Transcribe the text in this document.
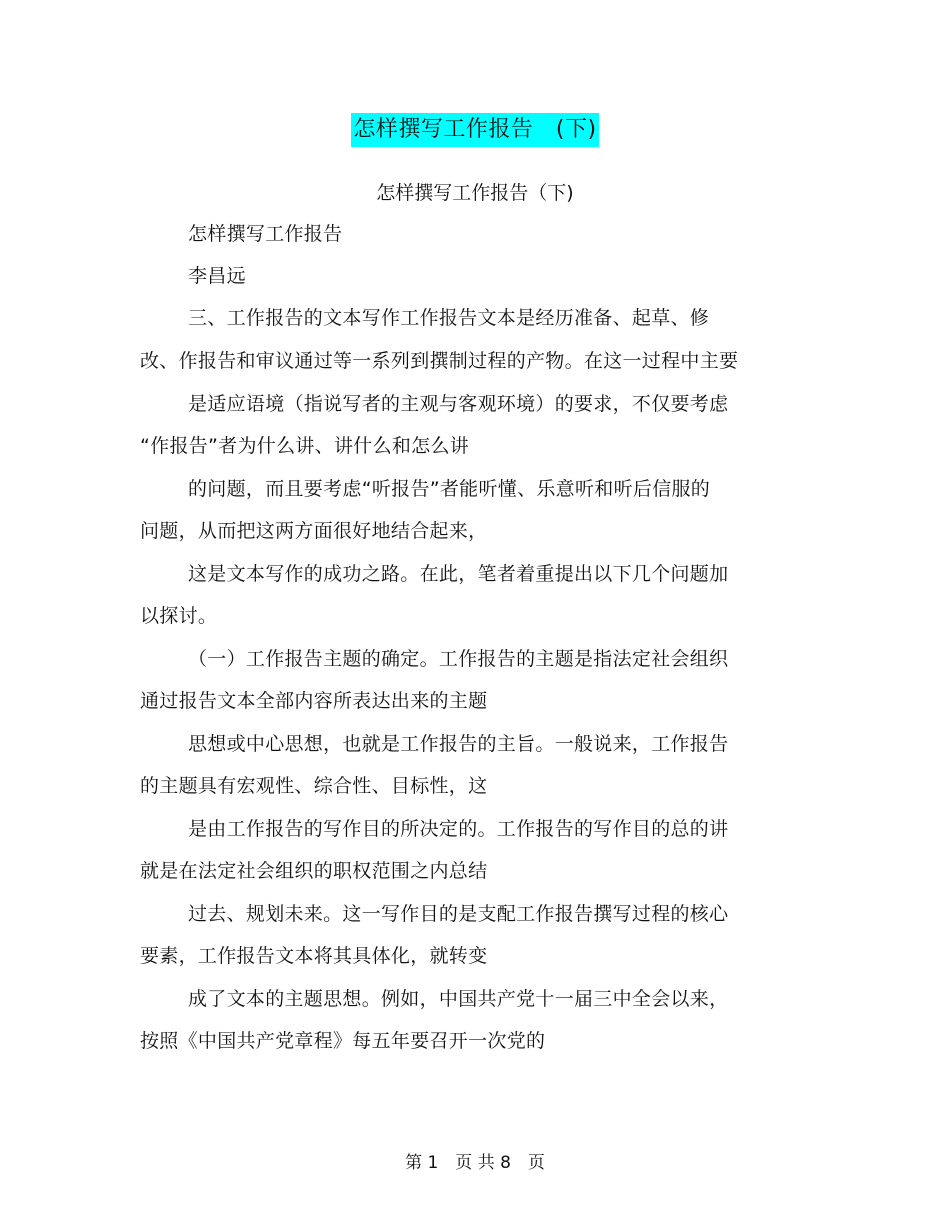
怎样撰写工作报告　(下)
怎样撰写工作报告（下)
怎样撰写工作报告
李昌远
三、工作报告的文本写作工作报告文本是经历准备、起草、修
改、作报告和审议通过等一系列到撰制过程的产物。在这一过程中主要
是适应语境（指说写者的主观与客观环境）的要求，不仅要考虑
“作报告”者为什么讲、讲什么和怎么讲
的问题，而且要考虑“听报告”者能听懂、乐意听和听后信服的
问题，从而把这两方面很好地结合起来，
这是文本写作的成功之路。在此，笔者着重提出以下几个问题加
以探讨。
（一）工作报告主题的确定。工作报告的主题是指法定社会组织
通过报告文本全部内容所表达出来的主题
思想或中心思想，也就是工作报告的主旨。一般说来，工作报告
的主题具有宏观性、综合性、目标性，这
是由工作报告的写作目的所决定的。工作报告的写作目的总的讲
就是在法定社会组织的职权范围之内总结
过去、规划未来。这一写作目的是支配工作报告撰写过程的核心
要素，工作报告文本将其具体化，就转变
成了文本的主题思想。例如，中国共产党十一届三中全会以来，
按照《中国共产党章程》每五年要召开一次党的
第 1　页 共 8　页
